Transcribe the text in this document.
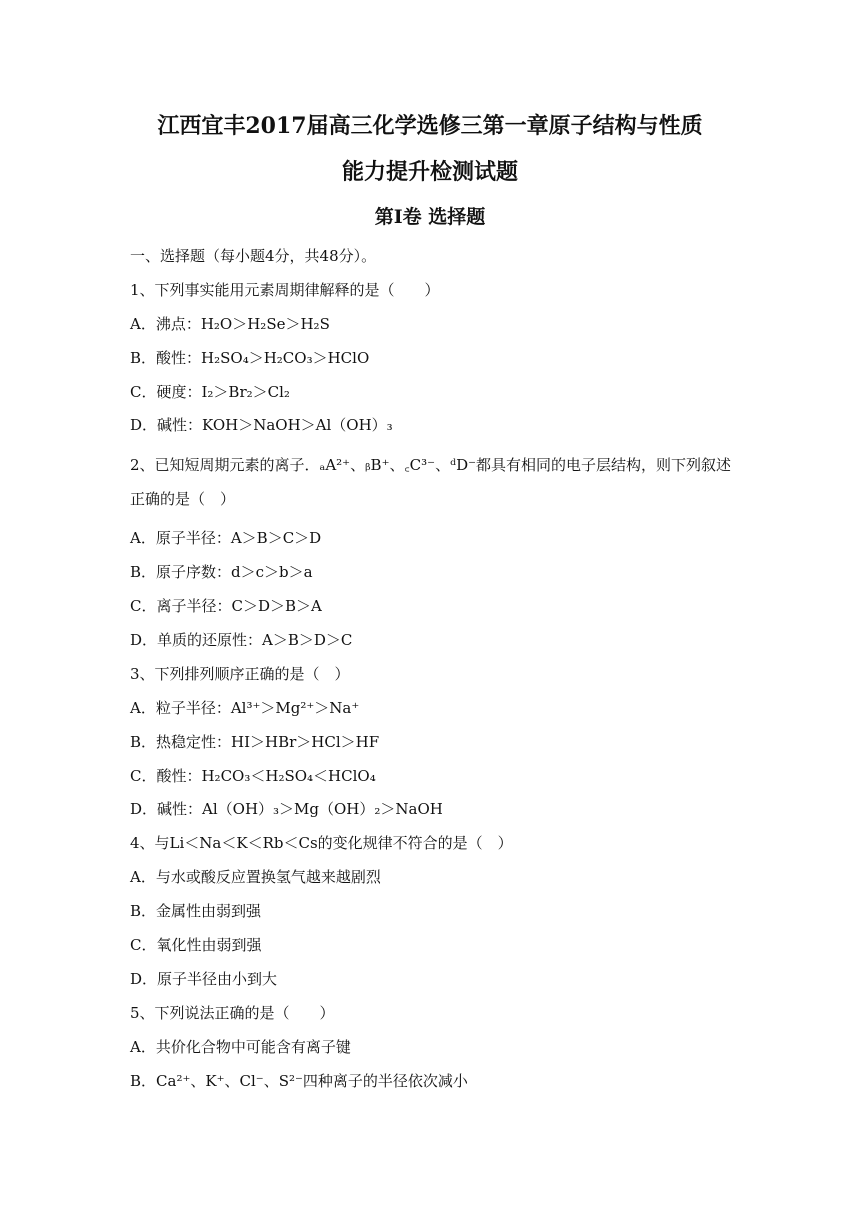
江西宜丰2017届高三化学选修三第一章原子结构与性质
能力提升检测试题
第Ⅰ卷 选择题
一、选择题（每小题4分，共48分）。
1、下列事实能用元素周期律解释的是（　　）
A．沸点：H₂O＞H₂Se＞H₂S
B．酸性：H₂SO₄＞H₂CO₃＞HClO
C．硬度：I₂＞Br₂＞Cl₂
D．碱性：KOH＞NaOH＞Al（OH）₃
2、已知短周期元素的离子．ₐA²⁺、ᵦB⁺、꜀C³⁻、ᵈD⁻都具有相同的电子层结构，则下列叙述正确的是（　）
A．原子半径：A＞B＞C＞D
B．原子序数：d＞c＞b＞a
C．离子半径：C＞D＞B＞A
D．单质的还原性：A＞B＞D＞C
3、下列排列顺序正确的是（　）
A．粒子半径：Al³⁺＞Mg²⁺＞Na⁺
B．热稳定性：HI＞HBr＞HCl＞HF
C．酸性：H₂CO₃＜H₂SO₄＜HClO₄
D．碱性：Al（OH）₃＞Mg（OH）₂＞NaOH
4、与Li＜Na＜K＜Rb＜Cs的变化规律不符合的是（　）
A．与水或酸反应置换氢气越来越剧烈
B．金属性由弱到强
C．氧化性由弱到强
D．原子半径由小到大
5、下列说法正确的是（　　）
A．共价化合物中可能含有离子键
B．Ca²⁺、K⁺、Cl⁻、S²⁻四种离子的半径依次减小
